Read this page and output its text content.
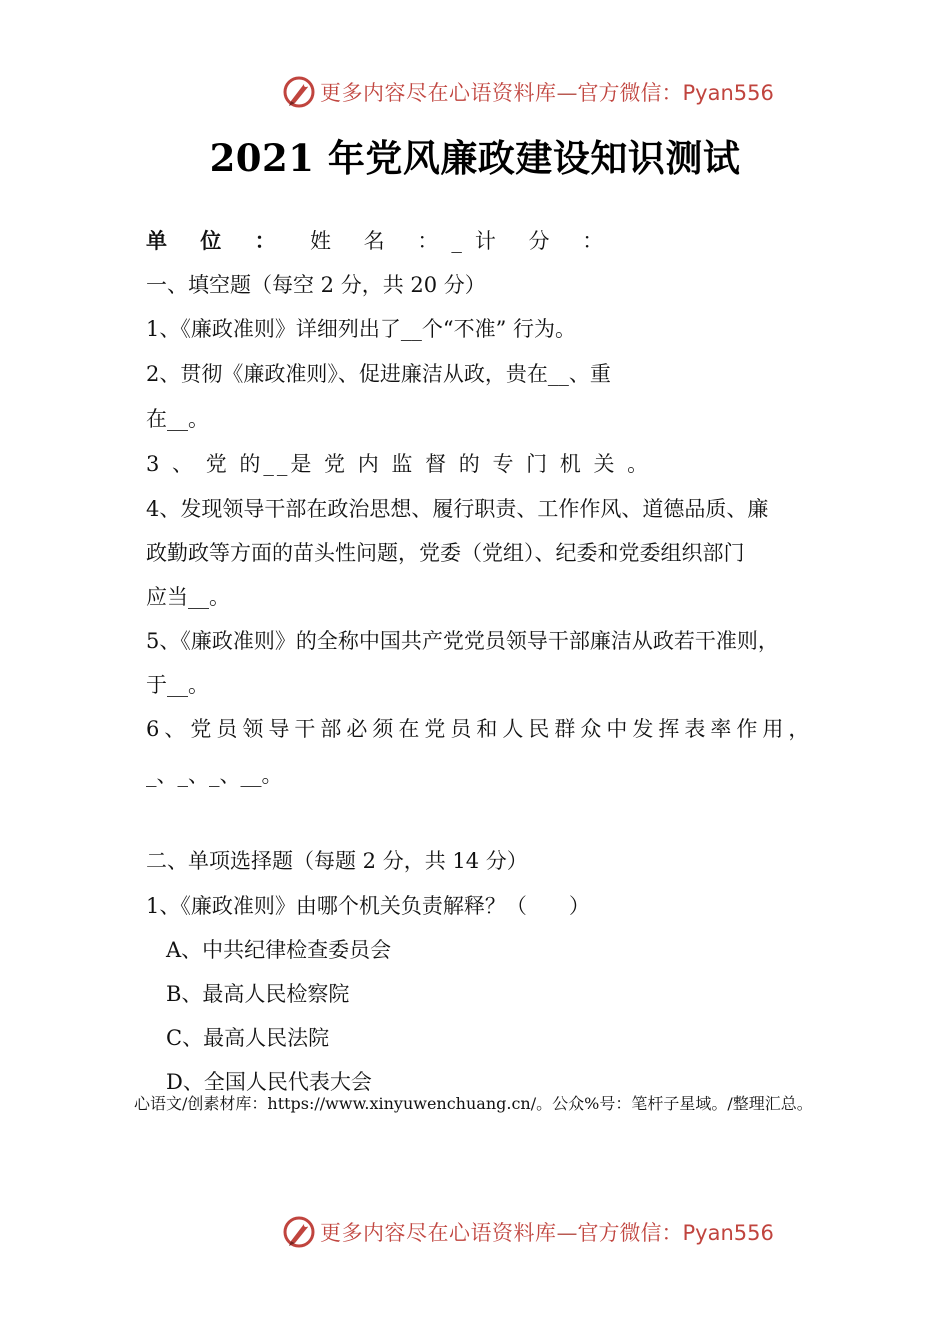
更多内容尽在心语资料库 —官方微信：Pyan556
2021 年党风廉政建设知识测试
单 位 ： 姓 名 ：_计 分 ：
一、填空题（每空 2 分，共 20 分）
1、《廉政准则》详细列出了__个“不准” 行为。
2、贯彻《廉政准则》、促进廉洁从政，贵在__、重
在__。
3 、 党 的__是 党 内 监 督 的 专 门 机 关 。
4、发现领导干部在政治思想、履行职责、工作作风、道德品质、廉
政勤政等方面的苗头性问题，党委（党组）、纪委和党委组织部门
应当__。
5、《廉政准则》的全称中国共产党党员领导干部廉洁从政若干准则，
于__。
6、党员领导干部必须在党员和人民群众中发挥表率作用，
_、_、_、__。
二、单项选择题（每题 2 分，共 14 分）
1、《廉政准则》由哪个机关负责解释？（　　）
A、中共纪律检查委员会
B、最高人民检察院
C、最高人民法院
D、全国人民代表大会
心语文/创素材库：https://www.xinyuwenchuang.cn/。公众%号：笔杆子星域。/整理汇总。
更多内容尽在心语资料库 —官方微信：Pyan556
